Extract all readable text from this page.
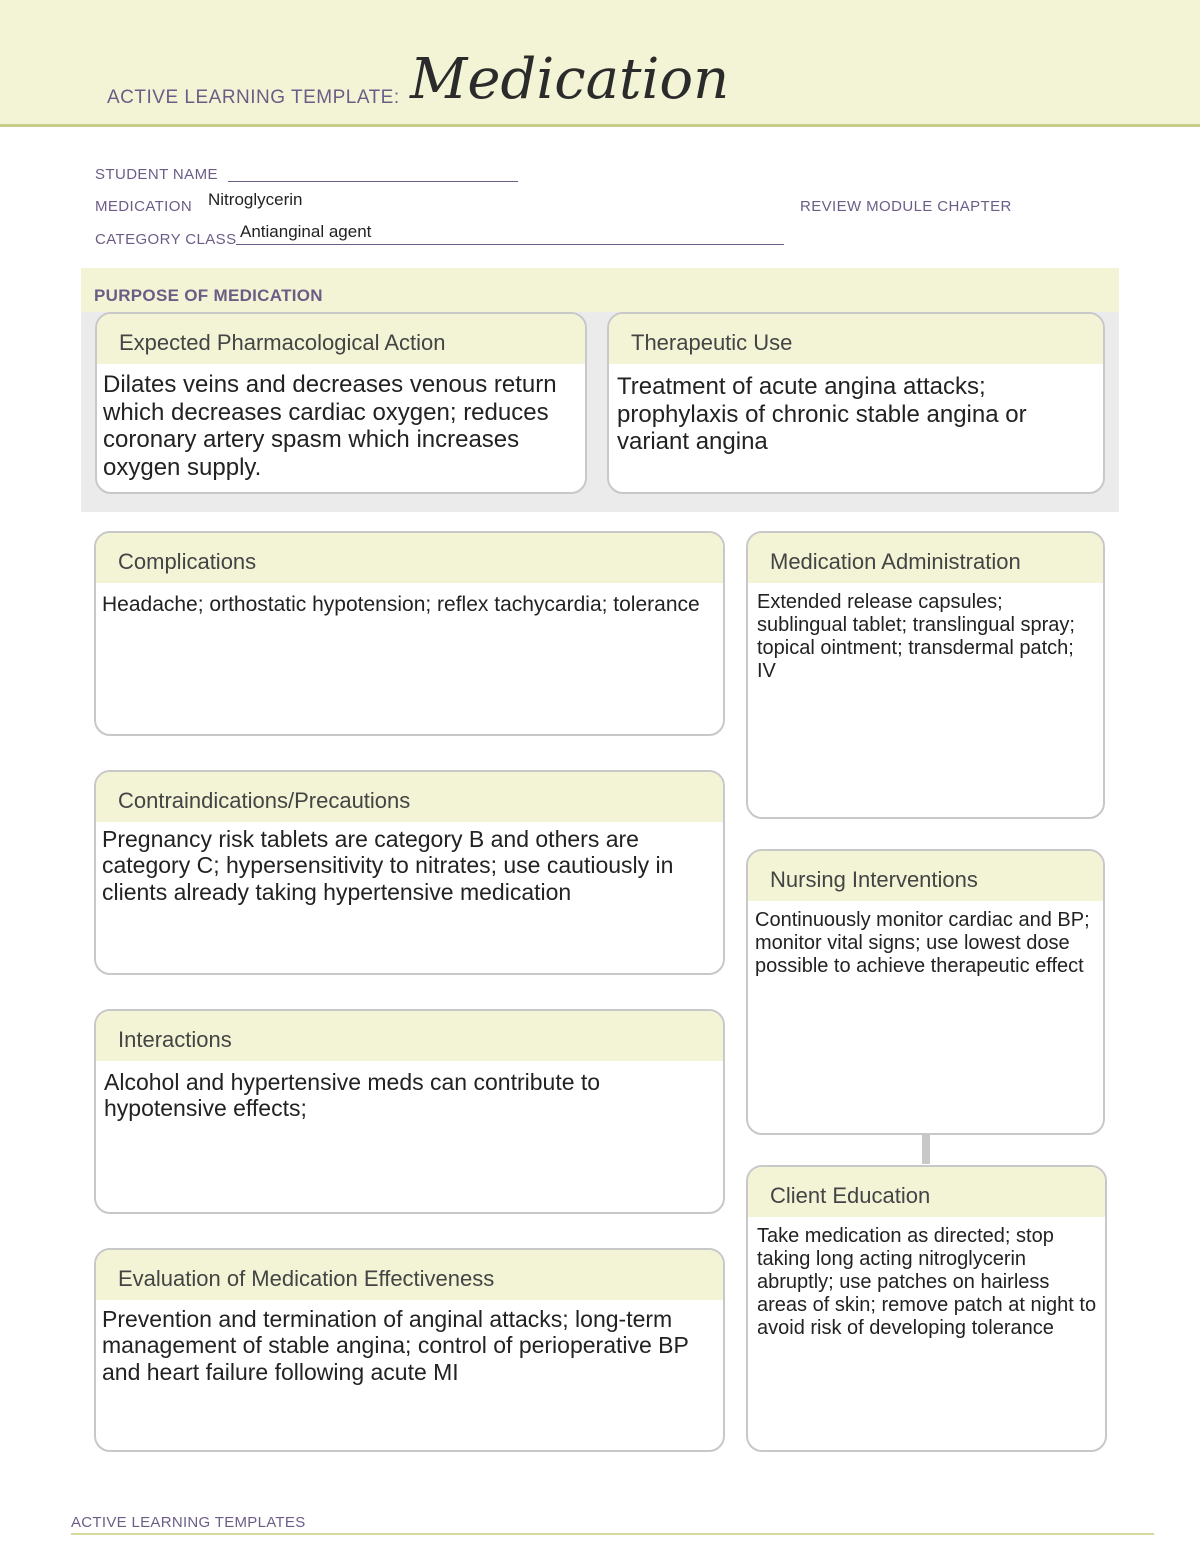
ACTIVE LEARNING TEMPLATE: Medication
STUDENT NAME
MEDICATION Nitroglycerin	REVIEW MODULE CHAPTER
CATEGORY CLASS Antianginal agent
PURPOSE OF MEDICATION
Expected Pharmacological Action
Dilates veins and decreases venous return which decreases cardiac oxygen; reduces coronary artery spasm which increases oxygen supply.
Therapeutic Use
Treatment of acute angina attacks; prophylaxis of chronic stable angina or variant angina
Complications
Headache; orthostatic hypotension; reflex tachycardia; tolerance
Contraindications/Precautions
Pregnancy risk tablets are category B and others are category C; hypersensitivity to nitrates; use cautiously in clients already taking hypertensive medication
Interactions
Alcohol and hypertensive meds can contribute to hypotensive effects;
Evaluation of Medication Effectiveness
Prevention and termination of anginal attacks; long-term management of stable angina; control of perioperative BP and heart failure following acute MI
Medication Administration
Extended release capsules; sublingual tablet; translingual spray; topical ointment; transdermal patch; IV
Nursing Interventions
Continuously monitor cardiac and BP; monitor vital signs; use lowest dose possible to achieve therapeutic effect
Client Education
Take medication as directed; stop taking long acting nitroglycerin abruptly; use patches on hairless areas of skin; remove patch at night to avoid risk of developing tolerance
ACTIVE LEARNING TEMPLATES
